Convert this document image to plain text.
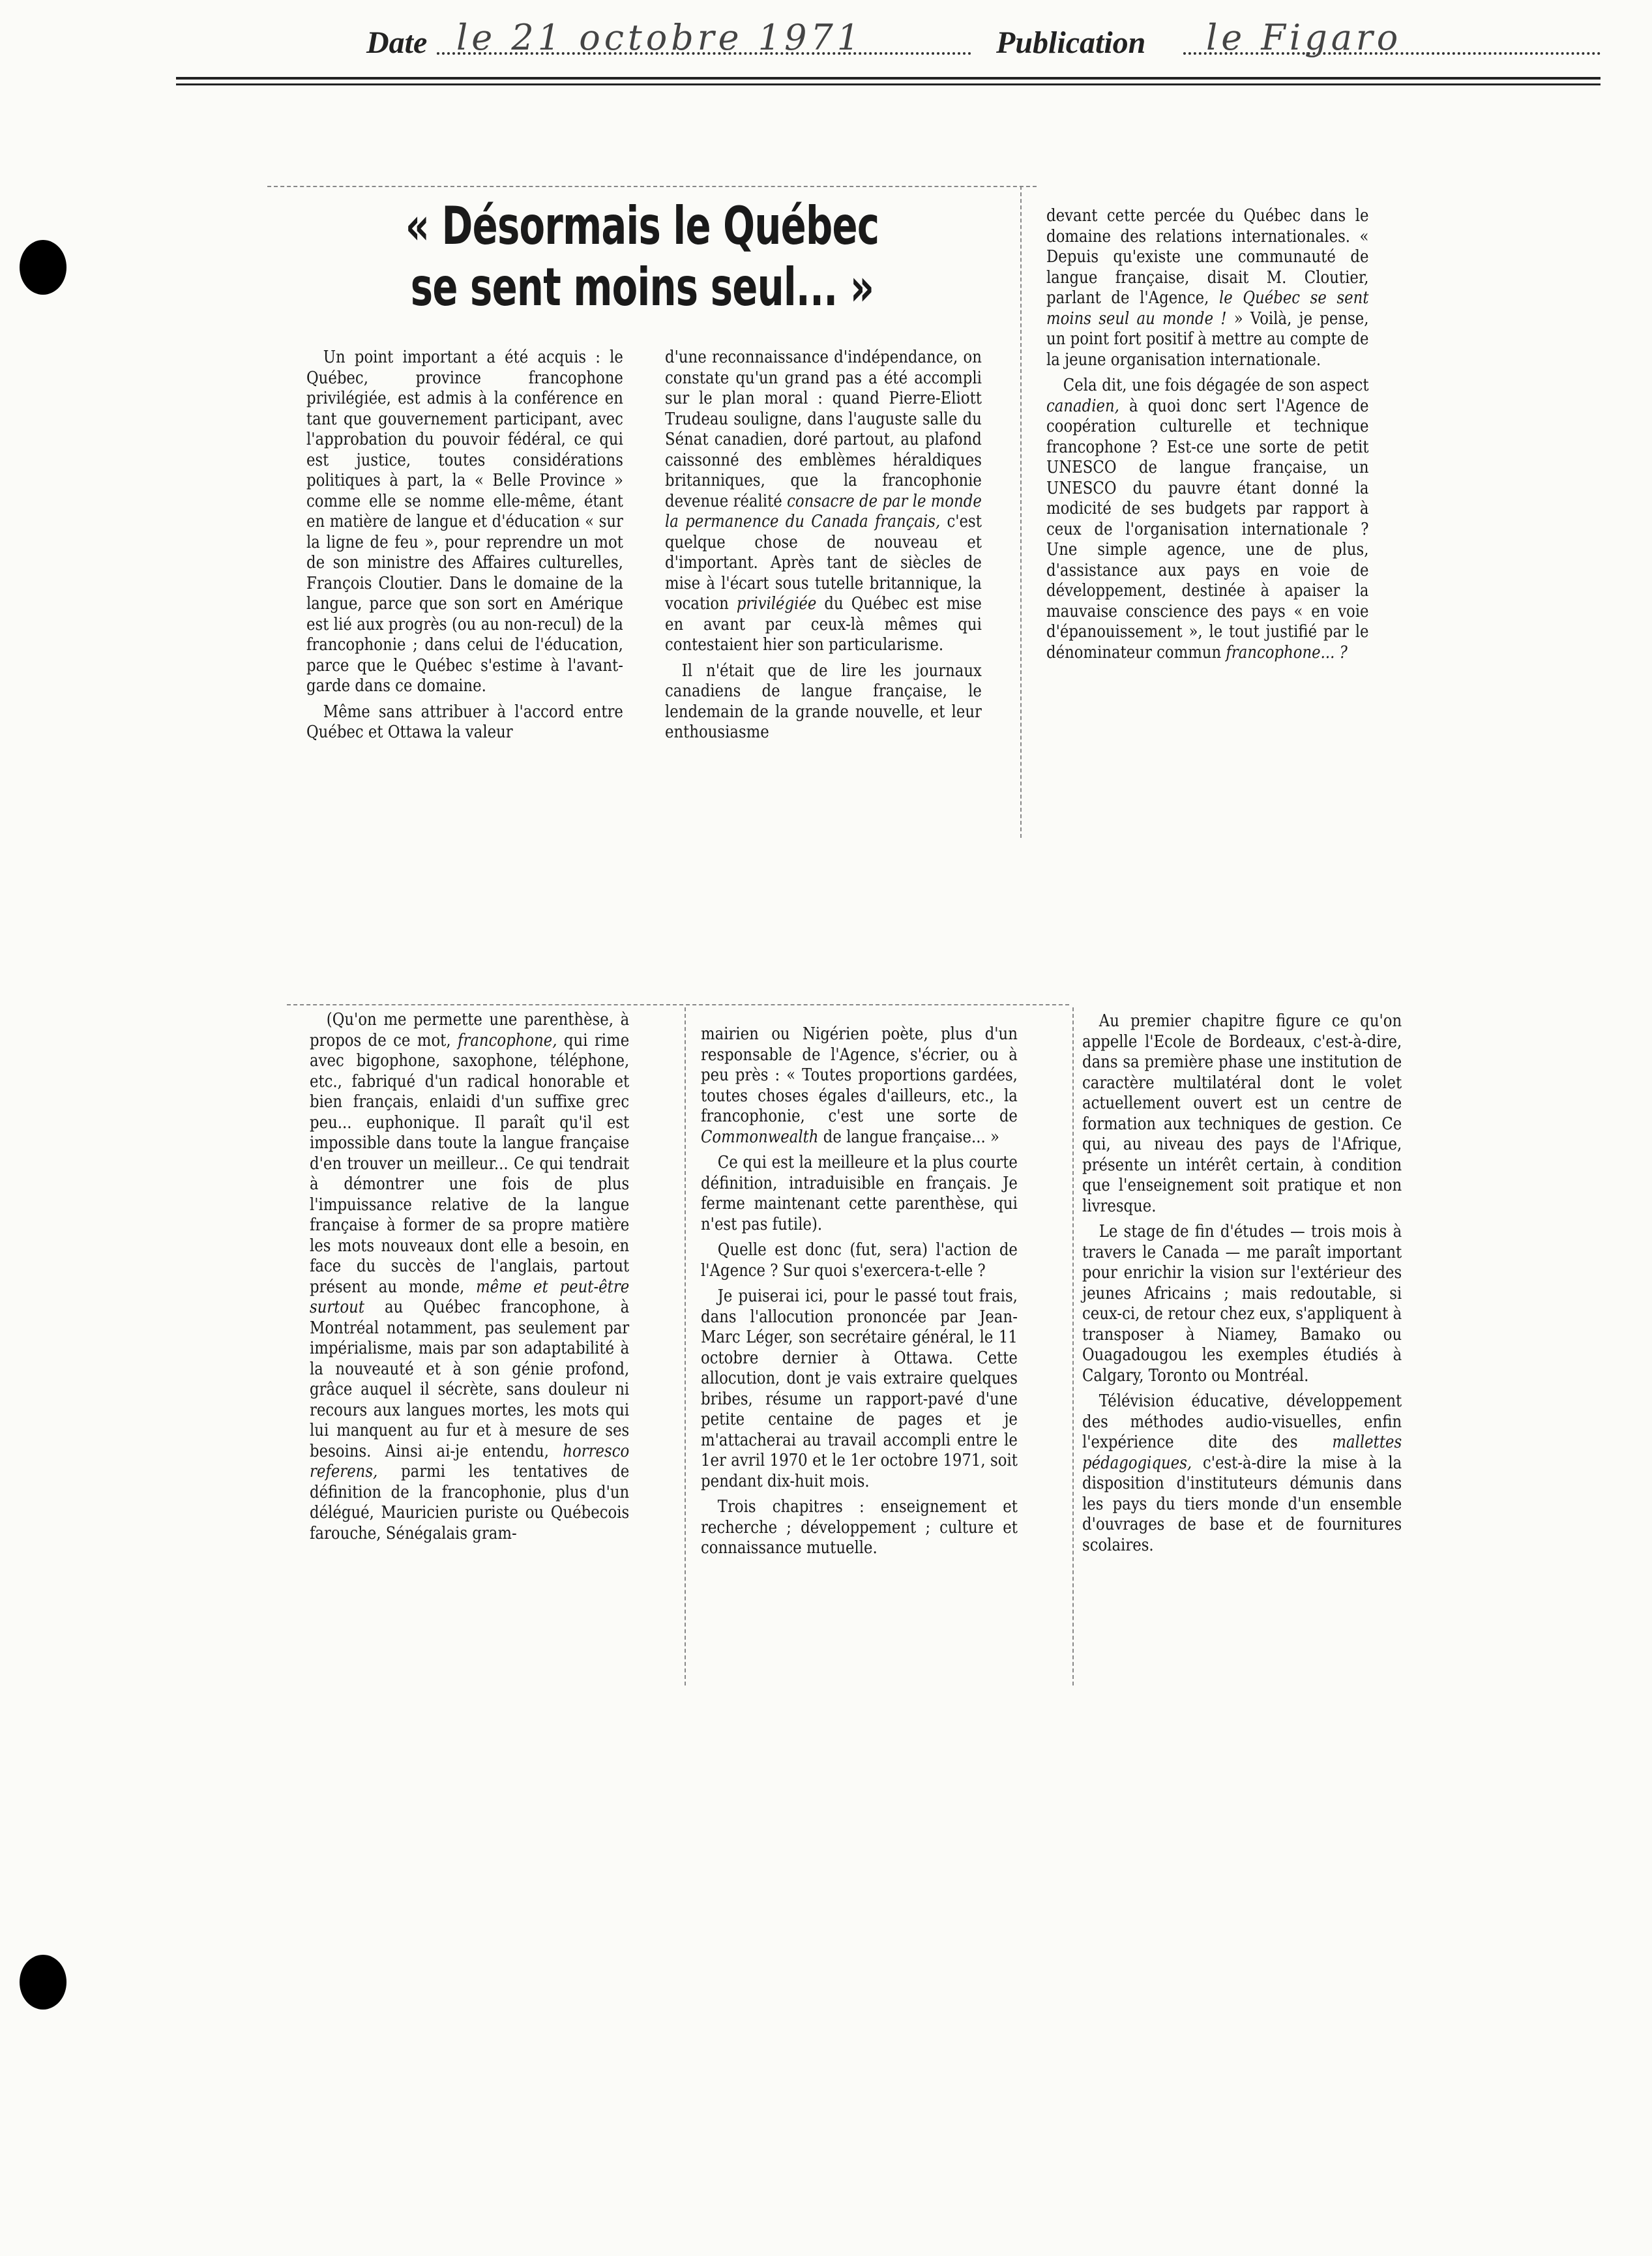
Date le 21 octobre 1971	Publication le Figaro
« Désormais le Québec
se sent moins seul... »

Un point important a été acquis : le Québec, province francophone privilégiée, est admis à la conférence en tant que gouvernement participant, avec l'approbation du pouvoir fédéral, ce qui est justice, toutes considérations politiques à part, la « Belle Province » comme elle se nomme elle-même, étant en matière de langue et d'éducation « sur la ligne de feu », pour reprendre un mot de son ministre des Affaires culturelles, François Cloutier. Dans le domaine de la langue, parce que son sort en Amérique est lié aux progrès (ou au non-recul) de la francophonie ; dans celui de l'éducation, parce que le Québec s'estime à l'avant-garde dans ce domaine.

Même sans attribuer à l'accord entre Québec et Ottawa la valeur

d'une reconnaissance d'indépendance, on constate qu'un grand pas a été accompli sur le plan moral : quand Pierre-Eliott Trudeau souligne, dans l'auguste salle du Sénat canadien, doré partout, au plafond caissonné des emblèmes héraldiques britanniques, que la francophonie devenue réalité consacre de par le monde la permanence du Canada français, c'est quelque chose de nouveau et d'important. Après tant de siècles de mise à l'écart sous tutelle britannique, la vocation privilégiée du Québec est mise en avant par ceux-là mêmes qui contestaient hier son particularisme.

Il n'était que de lire les journaux canadiens de langue française, le lendemain de la grande nouvelle, et leur enthousiasme

devant cette percée du Québec dans le domaine des relations internationales. « Depuis qu'existe une communauté de langue française, disait M. Cloutier, parlant de l'Agence, le Québec se sent moins seul au monde ! » Voilà, je pense, un point fort positif à mettre au compte de la jeune organisation internationale.

Cela dit, une fois dégagée de son aspect canadien, à quoi donc sert l'Agence de coopération culturelle et technique francophone ? Est-ce une sorte de petit UNESCO de langue française, un UNESCO du pauvre étant donné la modicité de ses budgets par rapport à ceux de l'organisation internationale ? Une simple agence, une de plus, d'assistance aux pays en voie de développement, destinée à apaiser la mauvaise conscience des pays « en voie d'épanouissement », le tout justifié par le dénominateur commun francophone... ?

(Qu'on me permette une parenthèse, à propos de ce mot, francophone, qui rime avec bigophone, saxophone, téléphone, etc., fabriqué d'un radical honorable et bien français, enlaidi d'un suffixe grec peu... euphonique. Il paraît qu'il est impossible dans toute la langue française d'en trouver un meilleur... Ce qui tendrait à démontrer une fois de plus l'impuissance relative de la langue française à former de sa propre matière les mots nouveaux dont elle a besoin, en face du succès de l'anglais, partout présent au monde, même et peut-être surtout au Québec francophone, à Montréal notamment, pas seulement par impérialisme, mais par son adaptabilité à la nouveauté et à son génie profond, grâce auquel il sécrète, sans douleur ni recours aux langues mortes, les mots qui lui manquent au fur et à mesure de ses besoins. Ainsi ai-je entendu, horresco referens, parmi les tentatives de définition de la francophonie, plus d'un délégué, Mauricien puriste ou Québecois farouche, Sénégalais gram-

mairien ou Nigérien poète, plus d'un responsable de l'Agence, s'écrier, ou à peu près : « Toutes proportions gardées, toutes choses égales d'ailleurs, etc., la francophonie, c'est une sorte de Commonwealth de langue française... »

Ce qui est la meilleure et la plus courte définition, intraduisible en français. Je ferme maintenant cette parenthèse, qui n'est pas futile).

Quelle est donc (fut, sera) l'action de l'Agence ? Sur quoi s'exercera-t-elle ?

Je puiserai ici, pour le passé tout frais, dans l'allocution prononcée par Jean-Marc Léger, son secrétaire général, le 11 octobre dernier à Ottawa. Cette allocution, dont je vais extraire quelques bribes, résume un rapport-pavé d'une petite centaine de pages et je m'attacherai au travail accompli entre le 1er avril 1970 et le 1er octobre 1971, soit pendant dix-huit mois.

Trois chapitres : enseignement et recherche ; développement ; culture et connaissance mutuelle.

Au premier chapitre figure ce qu'on appelle l'Ecole de Bordeaux, c'est-à-dire, dans sa première phase une institution de caractère multilatéral dont le volet actuellement ouvert est un centre de formation aux techniques de gestion. Ce qui, au niveau des pays de l'Afrique, présente un intérêt certain, à condition que l'enseignement soit pratique et non livresque.

Le stage de fin d'études — trois mois à travers le Canada — me paraît important pour enrichir la vision sur l'extérieur des jeunes Africains ; mais redoutable, si ceux-ci, de retour chez eux, s'appliquent à transposer à Niamey, Bamako ou Ouagadougou les exemples étudiés à Calgary, Toronto ou Montréal.

Télévision éducative, développement des méthodes audio-visuelles, enfin l'expérience dite des mallettes pédagogiques, c'est-à-dire la mise à la disposition d'instituteurs démunis dans les pays du tiers monde d'un ensemble d'ouvrages de base et de fournitures scolaires.
